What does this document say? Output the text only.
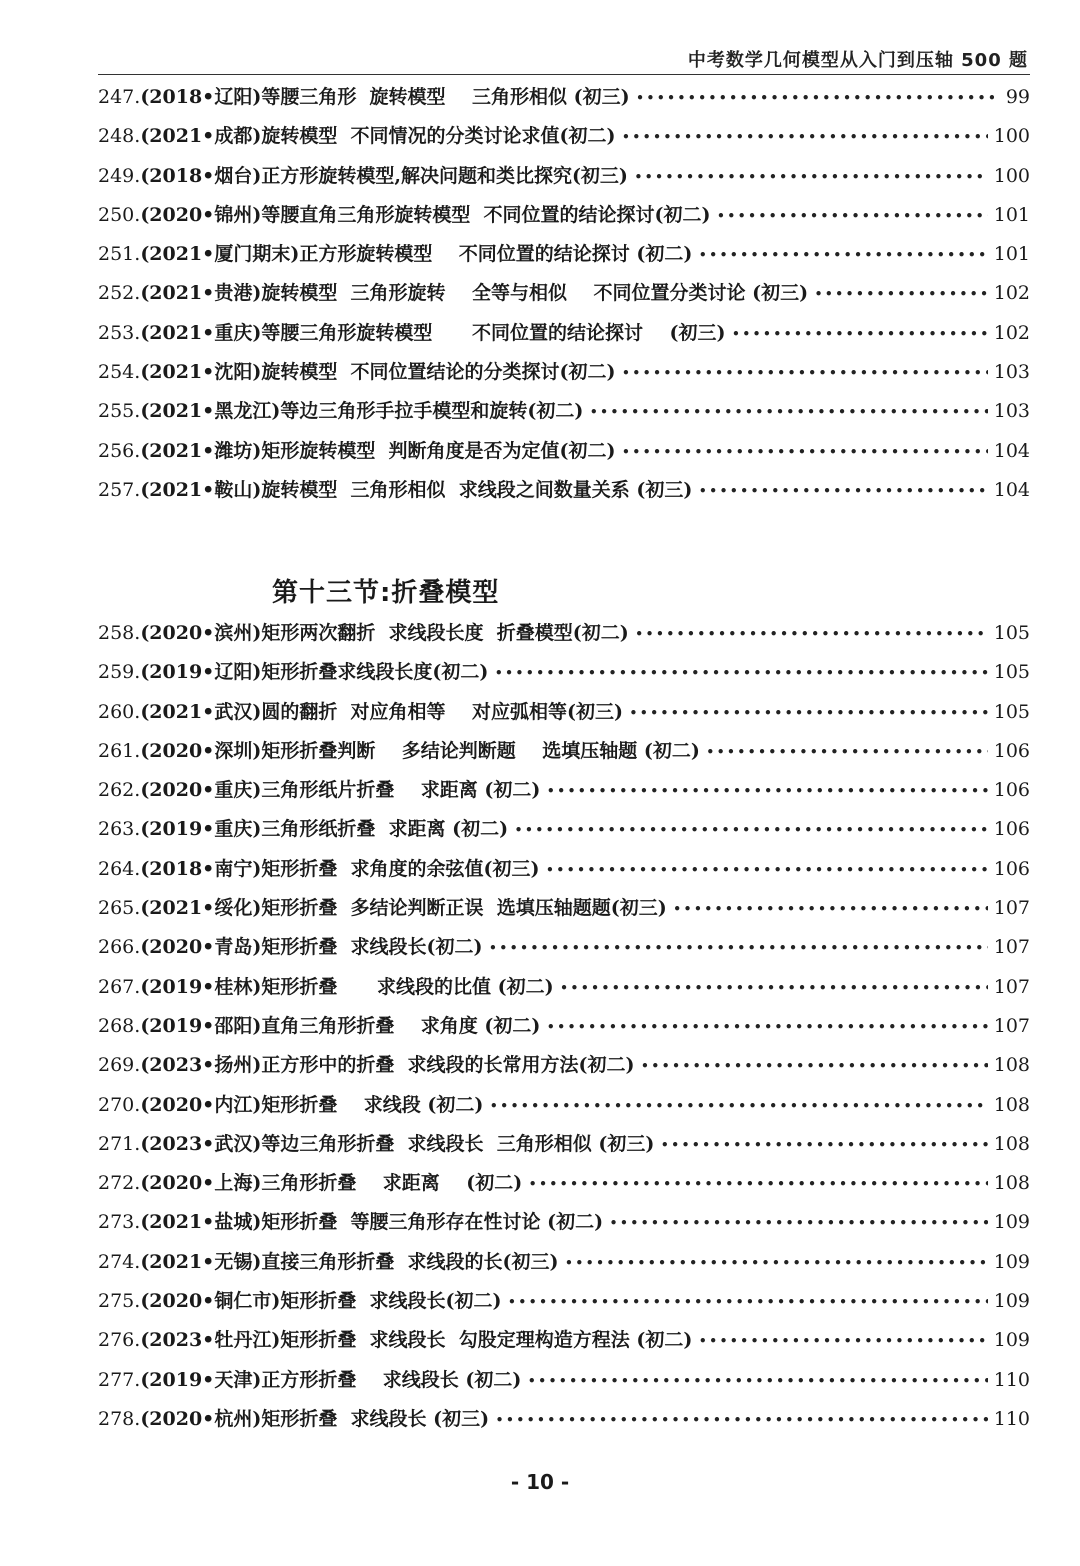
中考数学几何模型从入门到压轴 500 题
247. (2018•辽阳) 等腰三角形  旋转模型    三角形相似 (初三) •••••	99
248. (2021•成都) 旋转模型  不同情况的分类讨论求值(初二) •••••	100
249. (2018•烟台) 正方形旋转模型,解决问题和类比探究(初三) •••••	100
250. (2020•锦州) 等腰直角三角形旋转模型  不同位置的结论探讨(初二) •••••	101
251. (2021•厦门期末) 正方形旋转模型    不同位置的结论探讨 (初二) •••••	101
252. (2021•贵港) 旋转模型  三角形旋转    全等与相似    不同位置分类讨论 (初三) •••••	102
253. (2021•重庆) 等腰三角形旋转模型      不同位置的结论探讨    (初三) •••••	102
254. (2021•沈阳) 旋转模型  不同位置结论的分类探讨(初二) •••••	103
255. (2021•黑龙江) 等边三角形手拉手模型和旋转(初二) •••••	103
256. (2021•潍坊) 矩形旋转模型  判断角度是否为定值(初二) •••••	104
257. (2021•鞍山) 旋转模型  三角形相似  求线段之间数量关系 (初三) •••••	104
第十三节:折叠模型
258. (2020•滨州) 矩形两次翻折  求线段长度  折叠模型(初二) •••••	105
259. (2019•辽阳) 矩形折叠求线段长度(初二) •••••	105
260. (2021•武汉) 圆的翻折  对应角相等    对应弧相等(初三) •••••	105
261. (2020•深圳) 矩形折叠判断    多结论判断题    选填压轴题 (初二) •••••	106
262. (2020•重庆) 三角形纸片折叠    求距离 (初二) •••••	106
263. (2019•重庆) 三角形纸折叠  求距离 (初二) •••••	106
264. (2018•南宁) 矩形折叠  求角度的余弦值(初三) •••••	106
265. (2021•绥化) 矩形折叠  多结论判断正误  选填压轴题题(初三) •••••	107
266. (2020•青岛) 矩形折叠  求线段长(初二) •••••	107
267. (2019•桂林) 矩形折叠      求线段的比值 (初二) •••••	107
268. (2019•邵阳) 直角三角形折叠    求角度 (初二) •••••	107
269. (2023•扬州) 正方形中的折叠  求线段的长常用方法(初二) •••••	108
270. (2020•内江) 矩形折叠    求线段 (初二) •••••	108
271. (2023•武汉) 等边三角形折叠  求线段长  三角形相似 (初三) •••••	108
272. (2020•上海) 三角形折叠    求距离    (初二) •••••	108
273. (2021•盐城) 矩形折叠  等腰三角形存在性讨论 (初二) •••••	109
274. (2021•无锡) 直接三角形折叠  求线段的长(初三) •••••	109
275. (2020•铜仁市) 矩形折叠  求线段长(初二) •••••	109
276. (2023•牡丹江) 矩形折叠  求线段长  勾股定理构造方程法 (初二) •••••	109
277. (2019•天津) 正方形折叠    求线段长 (初二) •••••	110
278. (2020•杭州) 矩形折叠  求线段长 (初三) •••••	110
- 10 -
